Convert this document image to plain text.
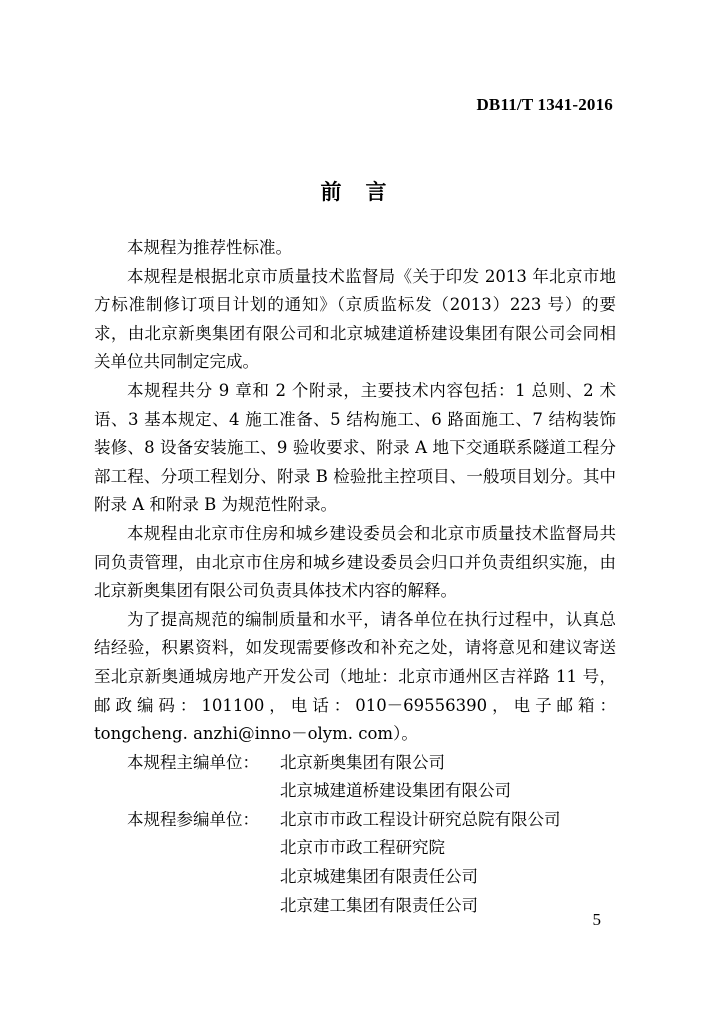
DB11/T 1341-2016
前言

本规程为推荐性标准。

本规程是根据北京市质量技术监督局《关于印发 2013 年北京市地方标准制修订项目计划的通知》（京质监标发（2013）223 号）的要求，由北京新奥集团有限公司和北京城建道桥建设集团有限公司会同相关单位共同制定完成。

本规程共分 9 章和 2 个附录，主要技术内容包括：1 总则、2 术语、3 基本规定、4 施工准备、5 结构施工、6 路面施工、7 结构装饰装修、8 设备安装施工、9 验收要求、附录 A 地下交通联系隧道工程分部工程、分项工程划分、附录 B 检验批主控项目、一般项目划分。其中附录 A 和附录 B 为规范性附录。

本规程由北京市住房和城乡建设委员会和北京市质量技术监督局共同负责管理，由北京市住房和城乡建设委员会归口并负责组织实施，由北京新奥集团有限公司负责具体技术内容的解释。

为了提高规范的编制质量和水平，请各单位在执行过程中，认真总结经验，积累资料，如发现需要修改和补充之处，请将意见和建议寄送至北京新奥通城房地产开发公司（地址：北京市通州区吉祥路 11 号，邮政编码：101100，电话：010－69556390，电子邮箱：tongcheng. anzhi@inno－olym. com）。

本规程主编单位：	北京新奥集团有限公司
北京城建道桥建设集团有限公司
本规程参编单位：	北京市市政工程设计研究总院有限公司
北京市市政工程研究院
北京城建集团有限责任公司
北京建工集团有限责任公司
5
